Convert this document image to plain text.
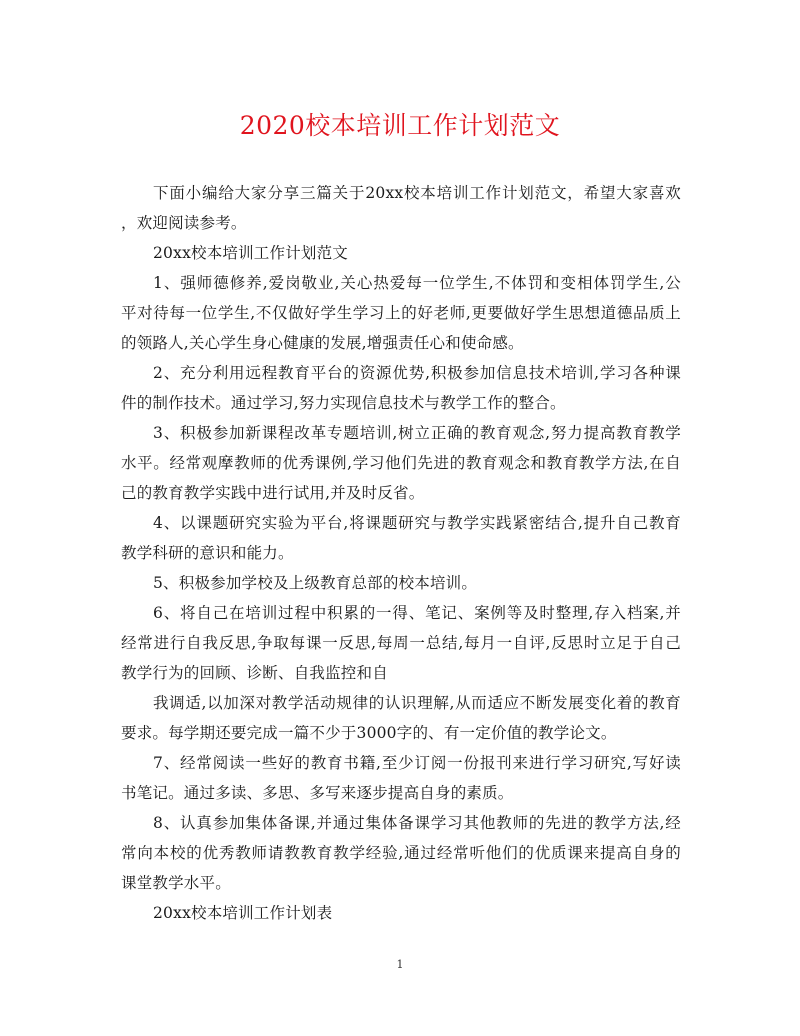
2020校本培训工作计划范文
下面小编给大家分享三篇关于20xx校本培训工作计划范文，希望大家喜欢
，欢迎阅读参考。
20xx校本培训工作计划范文
1、强师德修养,爱岗敬业,关心热爱每一位学生,不体罚和变相体罚学生,公
平对待每一位学生,不仅做好学生学习上的好老师,更要做好学生思想道德品质上
的领路人,关心学生身心健康的发展,增强责任心和使命感。
2、充分利用远程教育平台的资源优势,积极参加信息技术培训,学习各种课
件的制作技术。通过学习,努力实现信息技术与教学工作的整合。
3、积极参加新课程改革专题培训,树立正确的教育观念,努力提高教育教学
水平。经常观摩教师的优秀课例,学习他们先进的教育观念和教育教学方法,在自
己的教育教学实践中进行试用,并及时反省。
4、以课题研究实验为平台,将课题研究与教学实践紧密结合,提升自己教育
教学科研的意识和能力。
5、积极参加学校及上级教育总部的校本培训。
6、将自己在培训过程中积累的一得、笔记、案例等及时整理,存入档案,并
经常进行自我反思,争取每课一反思,每周一总结,每月一自评,反思时立足于自己
教学行为的回顾、诊断、自我监控和自
我调适,以加深对教学活动规律的认识理解,从而适应不断发展变化着的教育
要求。每学期还要完成一篇不少于3000字的、有一定价值的教学论文。
7、经常阅读一些好的教育书籍,至少订阅一份报刊来进行学习研究,写好读
书笔记。通过多读、多思、多写来逐步提高自身的素质。
8、认真参加集体备课,并通过集体备课学习其他教师的先进的教学方法,经
常向本校的优秀教师请教教育教学经验,通过经常听他们的优质课来提高自身的
课堂教学水平。
20xx校本培训工作计划表
1
